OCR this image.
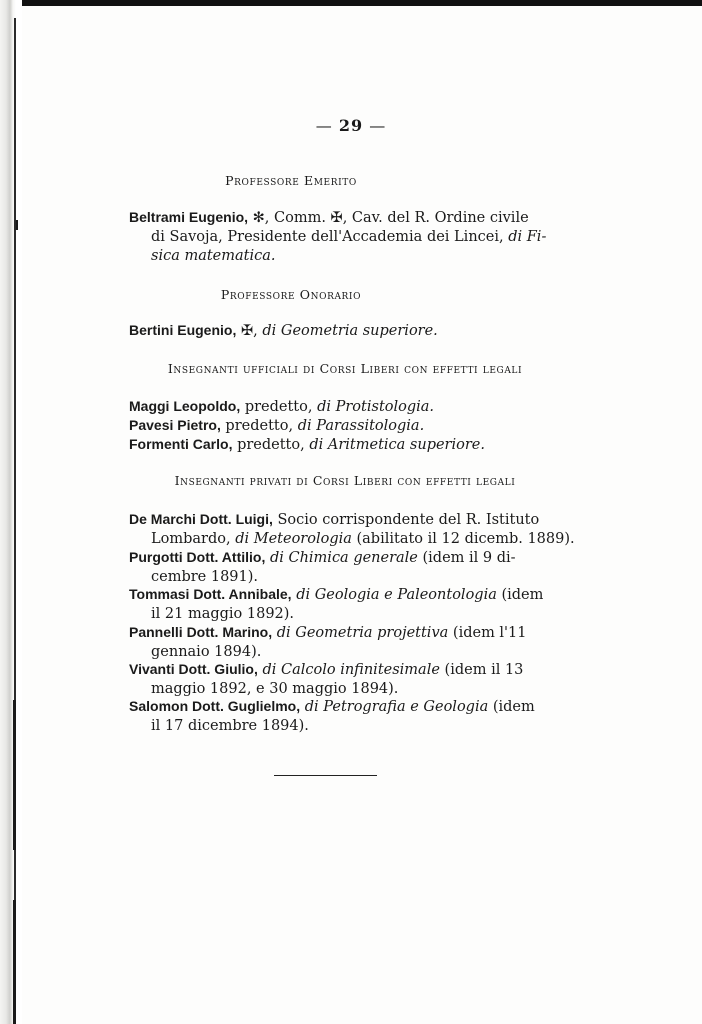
— 29 —
Professore Emerito
Beltrami Eugenio, ✻, Comm. ✠, Cav. del R. Ordine civile
di Savoja, Presidente dell'Accademia dei Lincei, di Fi-
sica matematica.
Professore Onorario
Bertini Eugenio, ✠, di Geometria superiore.
Insegnanti ufficiali di Corsi Liberi con effetti legali
Maggi Leopoldo, predetto, di Protistologia.
Pavesi Pietro, predetto, di Parassitologia.
Formenti Carlo, predetto, di Aritmetica superiore.
Insegnanti privati di Corsi Liberi con effetti legali
De Marchi Dott. Luigi, Socio corrispondente del R. Istituto
Lombardo, di Meteorologia (abilitato il 12 dicemb. 1889).
Purgotti Dott. Attilio, di Chimica generale (idem il 9 di-
cembre 1891).
Tommasi Dott. Annibale, di Geologia e Paleontologia (idem
il 21 maggio 1892).
Pannelli Dott. Marino, di Geometria projettiva (idem l'11
gennaio 1894).
Vivanti Dott. Giulio, di Calcolo infinitesimale (idem il 13
maggio 1892, e 30 maggio 1894).
Salomon Dott. Guglielmo, di Petrografia e Geologia (idem
il 17 dicembre 1894).
